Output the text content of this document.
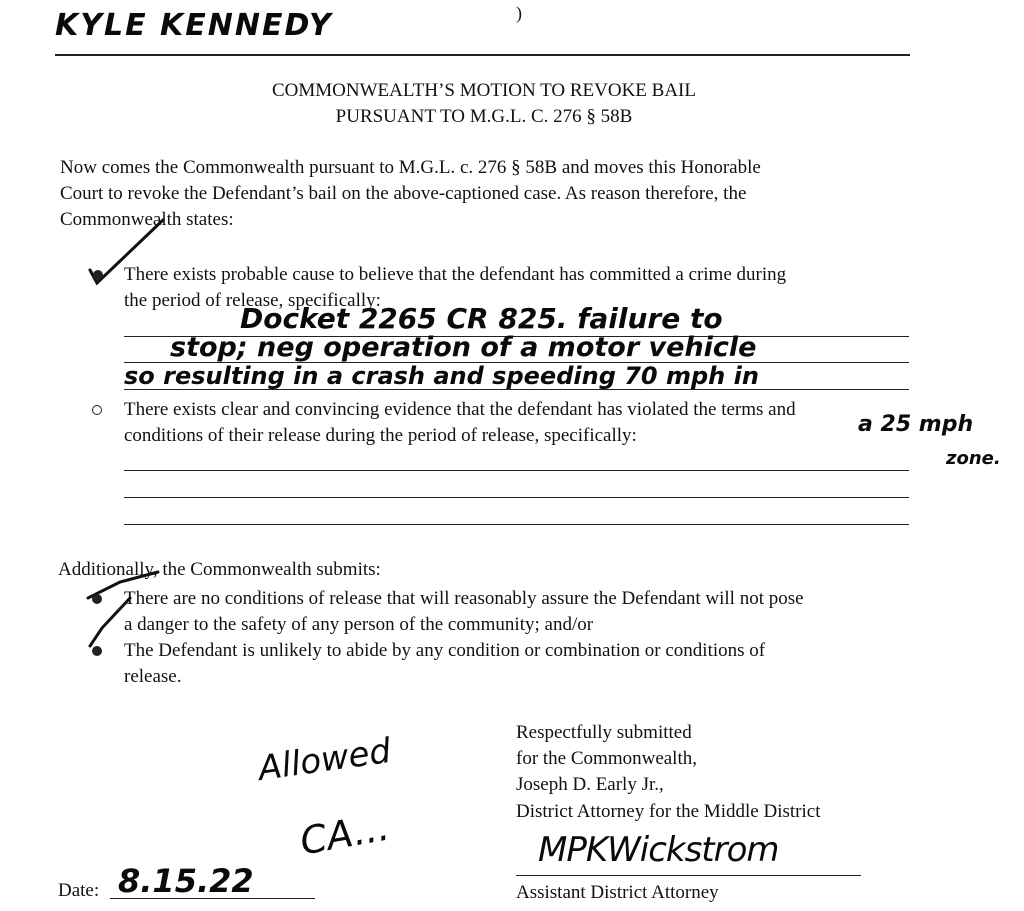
KYLE KENNEDY	)
COMMONWEALTH’S MOTION TO REVOKE BAIL
PURSUANT TO M.G.L. C. 276 § 58B
Now comes the Commonwealth pursuant to M.G.L. c. 276 § 58B and moves this Honorable
Court to revoke the Defendant’s bail on the above-captioned case. As reason therefore, the
Commonwealth states:
There exists probable cause to believe that the defendant has committed a crime during
the period of release, specifically:
Docket 2265 CR 825. failure to
stop; neg operation of a motor vehicle
so resulting in a crash and speeding 70 mph in
a 25 mph
zone.
There exists clear and convincing evidence that the defendant has violated the terms and
conditions of their release during the period of release, specifically:
Additionally, the Commonwealth submits:
There are no conditions of release that will reasonably assure the Defendant will not pose
a danger to the safety of any person of the community; and/or
The Defendant is unlikely to abide by any condition or combination or conditions of
release.
Allowed
CA...
Date: 8.15.22
Respectfully submitted
for the Commonwealth,
Joseph D. Early Jr.,
District Attorney for the Middle District
MPKWickstrom
Assistant District Attorney
